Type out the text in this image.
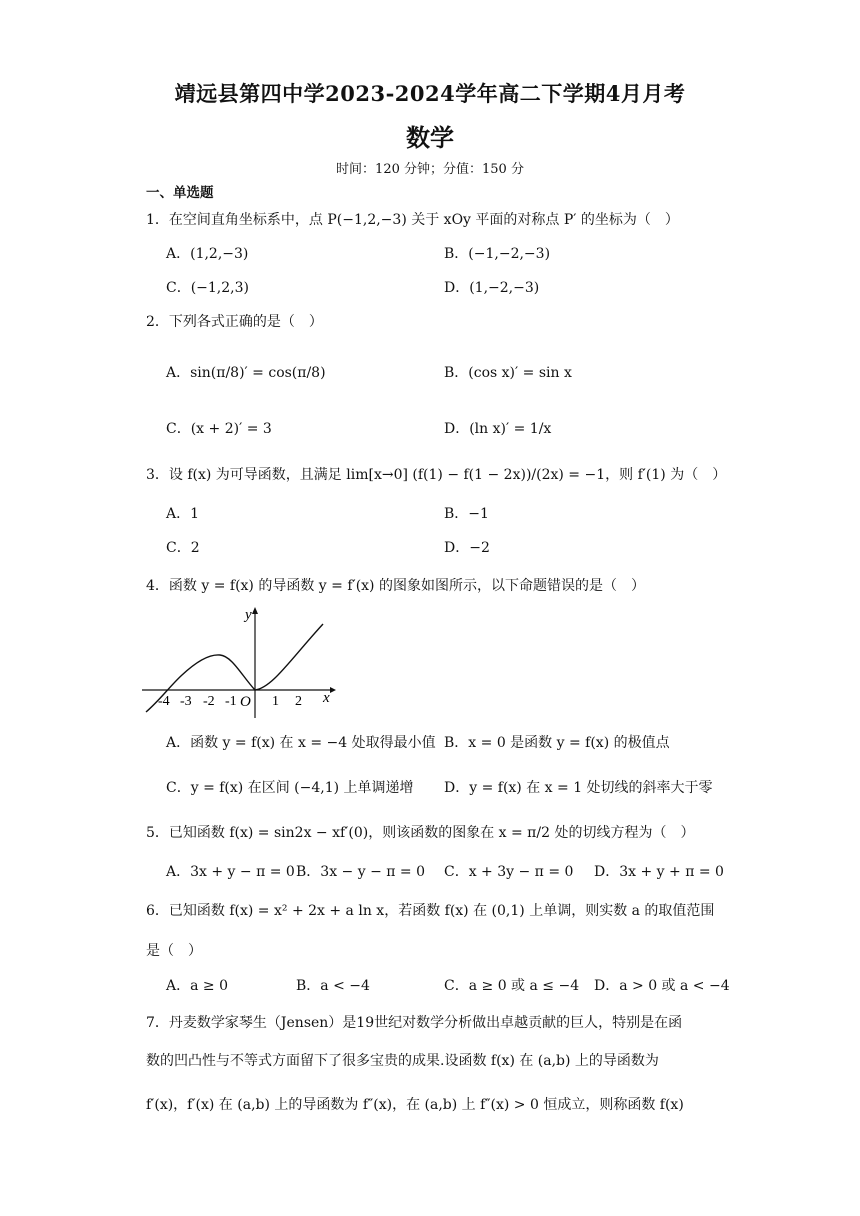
靖远县第四中学2023-2024学年高二下学期4月月考
数学
时间：120 分钟；分值：150 分
一、单选题
1．在空间直角坐标系中，点 P(−1,2,−3) 关于 xOy 平面的对称点 P′ 的坐标为（　）
A．(1,2,−3)	B．(−1,−2,−3)
C．(−1,2,3)	D．(1,−2,−3)
2．下列各式正确的是（　）
A．sin(π/8)′ = cos(π/8)	B．(cos x)′ = sin x
C．(x + 2)′ = 3	D．(ln x)′ = 1/x
3．设 f(x) 为可导函数，且满足 lim[x→0] (f(1) − f(1 − 2x))/(2x) = −1，则 f′(1) 为（　）
A．1	B．−1
C．2	D．−2
4．函数 y = f(x) 的导函数 y = f′(x) 的图象如图所示，以下命题错误的是（　）
y
x
O
-4 -3 -2 -1	1 2
A．函数 y = f(x) 在 x = −4 处取得最小值 B．x = 0 是函数 y = f(x) 的极值点
C．y = f(x) 在区间 (−4,1) 上单调递增 D．y = f(x) 在 x = 1 处切线的斜率大于零
5．已知函数 f(x) = sin2x − xf′(0)，则该函数的图象在 x = π/2 处的切线方程为（　）
A．3x + y − π = 0 B．3x − y − π = 0 C．x + 3y − π = 0 D．3x + y + π = 0
6．已知函数 f(x) = x² + 2x + a ln x，若函数 f(x) 在 (0,1) 上单调，则实数 a 的取值范围
是（　）
A．a ≥ 0	B．a < −4	C．a ≥ 0 或 a ≤ −4 D．a > 0 或 a < −4
7．丹麦数学家琴生（Jensen）是19世纪对数学分析做出卓越贡献的巨人，特别是在函
数的凹凸性与不等式方面留下了很多宝贵的成果.设函数 f(x) 在 (a,b) 上的导函数为
f′(x)，f′(x) 在 (a,b) 上的导函数为 f″(x)，在 (a,b) 上 f″(x) > 0 恒成立，则称函数 f(x)
